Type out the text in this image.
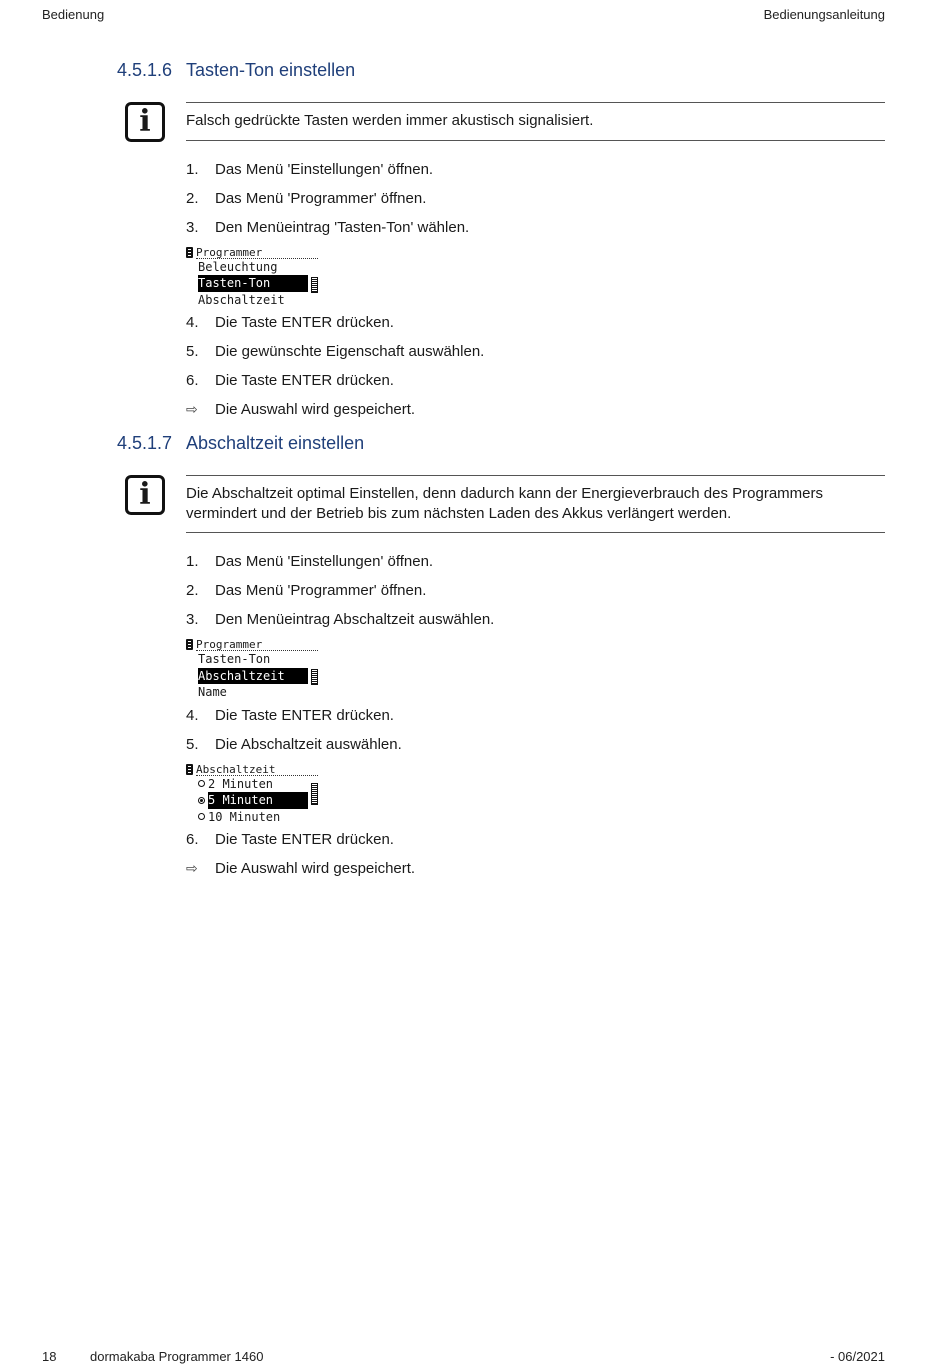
Bedienung	Bedienungsanleitung
4.5.1.6 Tasten-Ton einstellen
i	Falsch gedrückte Tasten werden immer akustisch signalisiert.
1.	Das Menü 'Einstellungen' öffnen.
2.	Das Menü 'Programmer' öffnen.
3.	Den Menüeintrag 'Tasten-Ton' wählen.
Programmer
Beleuchtung
Tasten-Ton
Abschaltzeit
4.	Die Taste ENTER drücken.
5.	Die gewünschte Eigenschaft auswählen.
6.	Die Taste ENTER drücken.
⇨	Die Auswahl wird gespeichert.
4.5.1.7 Abschaltzeit einstellen
i	Die Abschaltzeit optimal Einstellen, denn dadurch kann der Energieverbrauch des Programmers vermindert und der Betrieb bis zum nächsten Laden des Akkus verlängert werden.
1.	Das Menü 'Einstellungen' öffnen.
2.	Das Menü 'Programmer' öffnen.
3.	Den Menüeintrag Abschaltzeit auswählen.
Programmer
Tasten-Ton
Abschaltzeit
Name
4.	Die Taste ENTER drücken.
5.	Die Abschaltzeit auswählen.
Abschaltzeit
2 Minuten
5 Minuten
10 Minuten
6.	Die Taste ENTER drücken.
⇨	Die Auswahl wird gespeichert.
18	dormakaba Programmer 1460	- 06/2021
